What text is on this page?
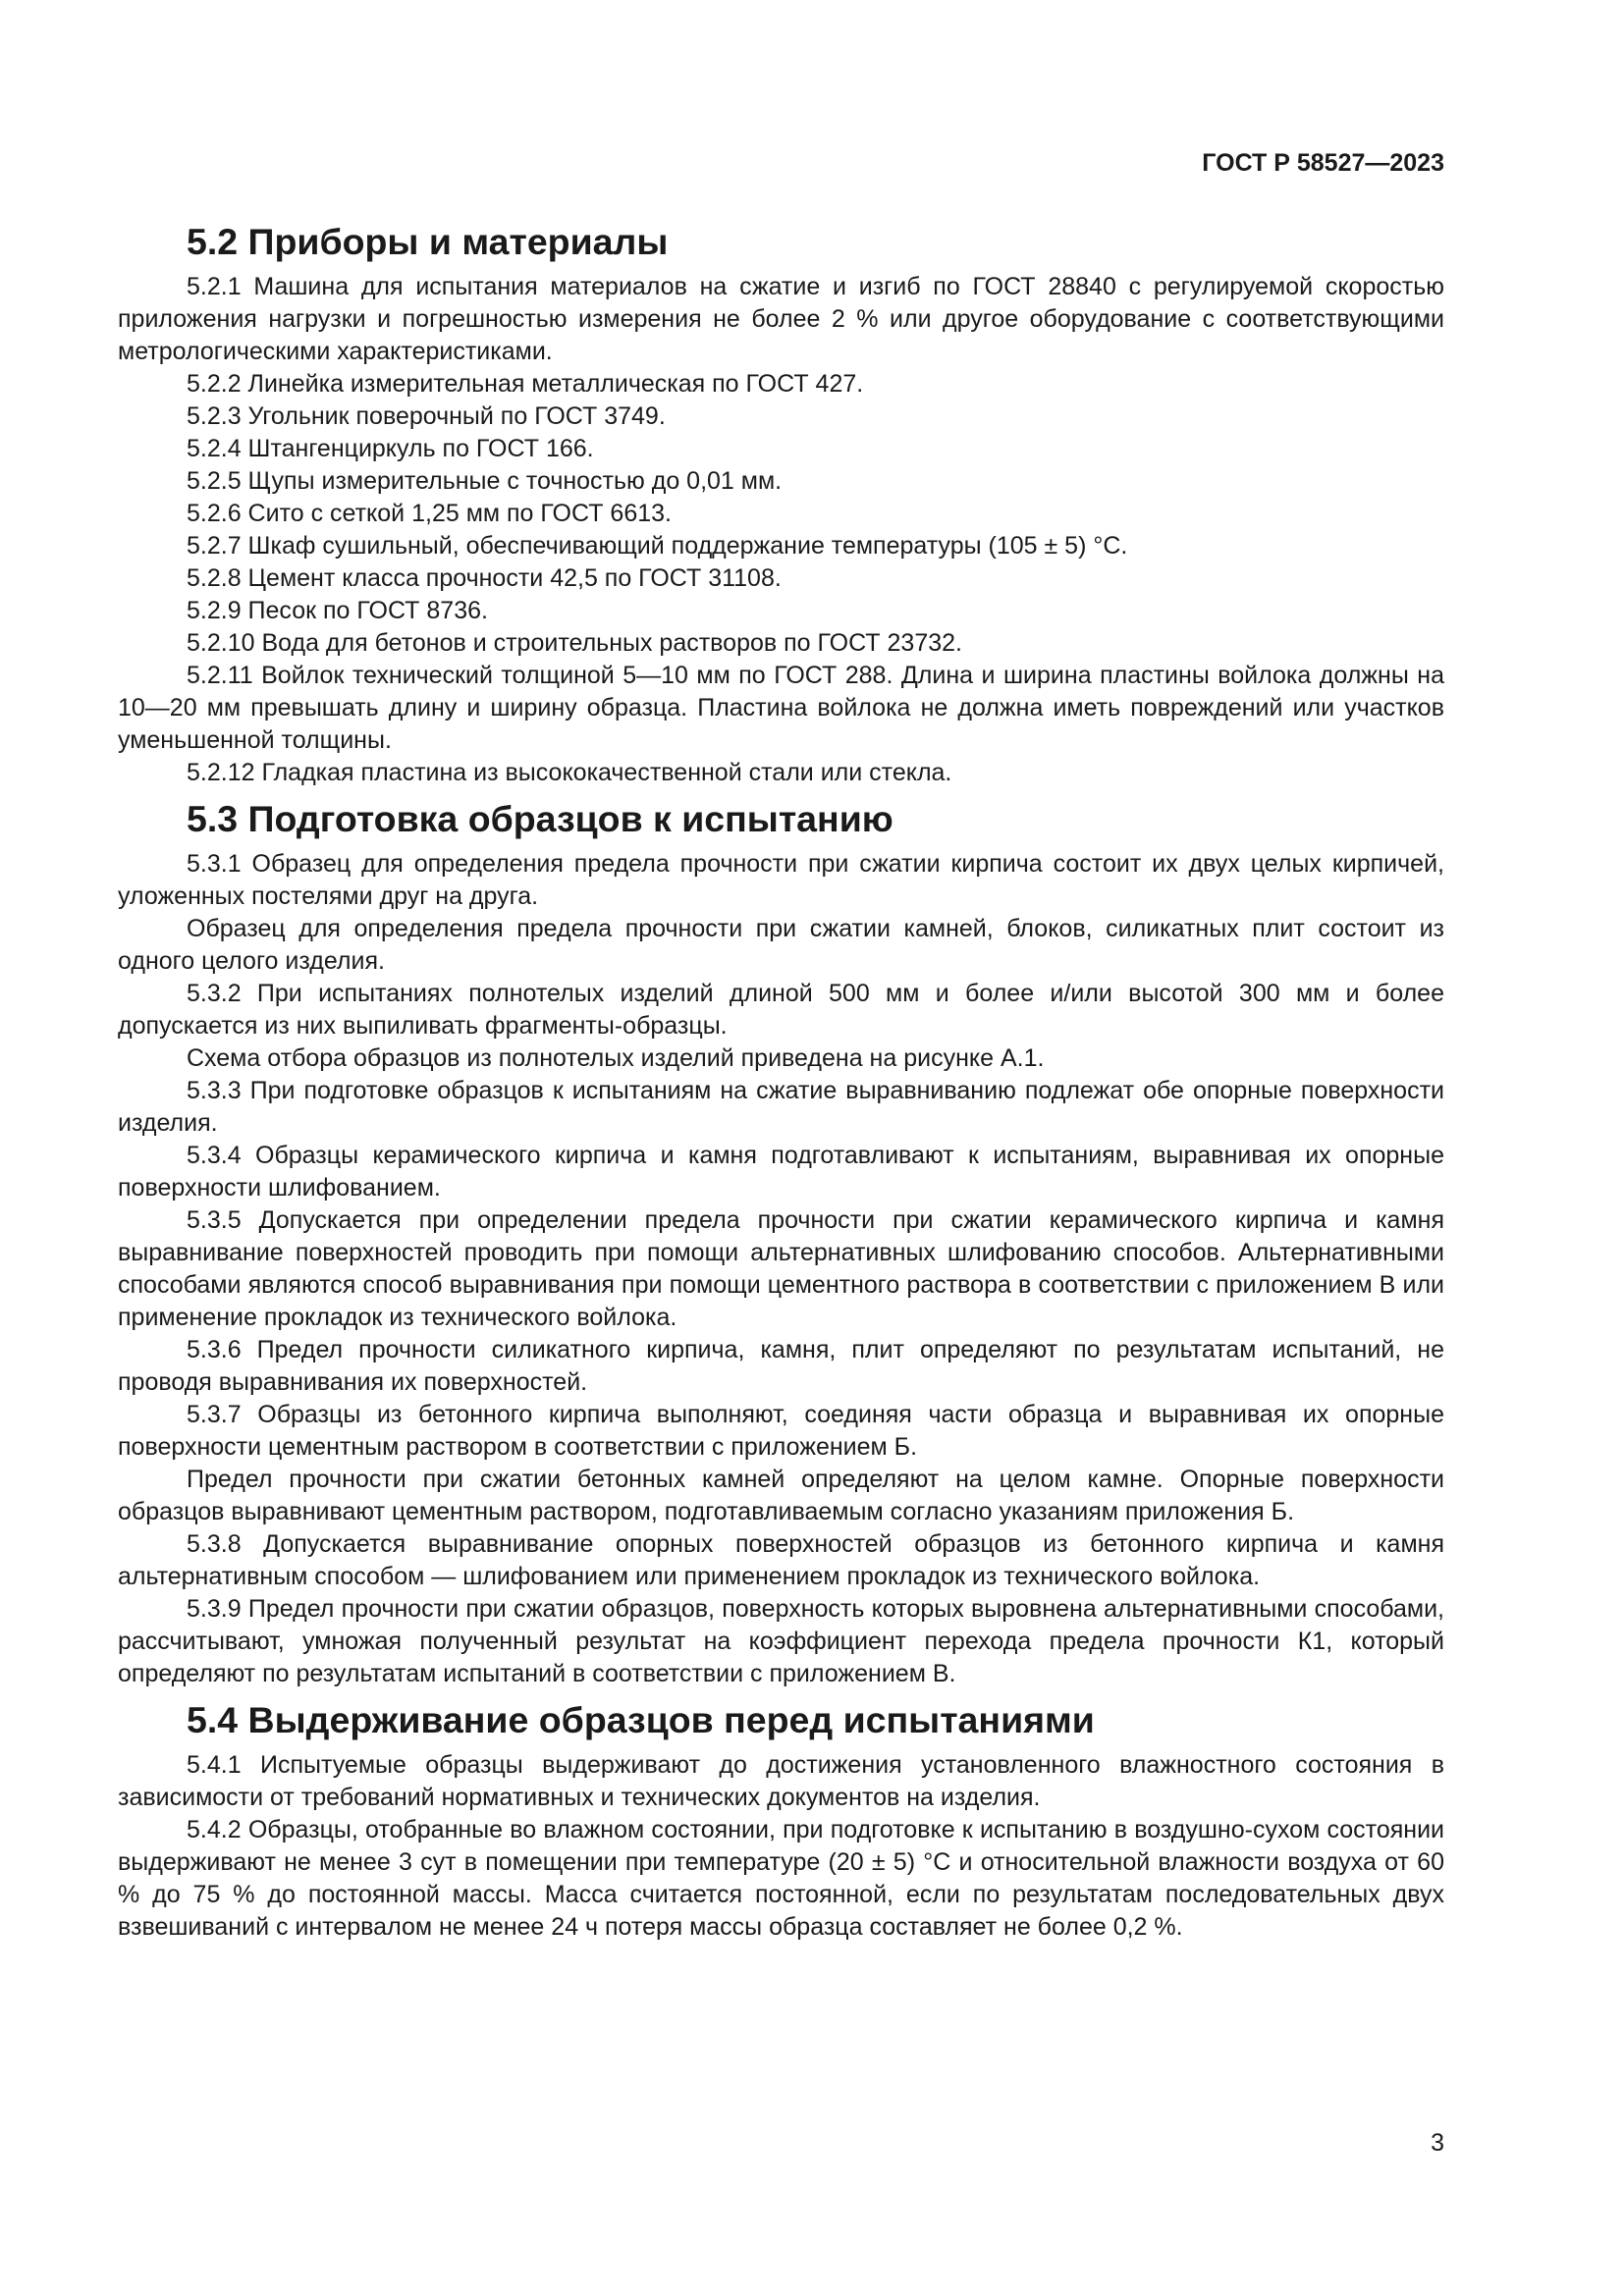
ГОСТ Р 58527—2023
5.2 Приборы и материалы

5.2.1 Машина для испытания материалов на сжатие и изгиб по ГОСТ 28840 с регулируемой скоростью приложения нагрузки и погрешностью измерения не более 2 % или другое оборудование с соответствующими метрологическими характеристиками.

5.2.2 Линейка измерительная металлическая по ГОСТ 427.

5.2.3 Угольник поверочный по ГОСТ 3749.

5.2.4 Штангенциркуль по ГОСТ 166.

5.2.5 Щупы измерительные с точностью до 0,01 мм.

5.2.6 Сито с сеткой 1,25 мм по ГОСТ 6613.

5.2.7 Шкаф сушильный, обеспечивающий поддержание температуры (105 ± 5) °С.

5.2.8 Цемент класса прочности 42,5 по ГОСТ 31108.

5.2.9 Песок по ГОСТ 8736.

5.2.10 Вода для бетонов и строительных растворов по ГОСТ 23732.

5.2.11 Войлок технический толщиной 5—10 мм по ГОСТ 288. Длина и ширина пластины войлока должны на 10—20 мм превышать длину и ширину образца. Пластина войлока не должна иметь повреждений или участков уменьшенной толщины.

5.2.12 Гладкая пластина из высококачественной стали или стекла.

5.3 Подготовка образцов к испытанию

5.3.1 Образец для определения предела прочности при сжатии кирпича состоит их двух целых кирпичей, уложенных постелями друг на друга.

Образец для определения предела прочности при сжатии камней, блоков, силикатных плит состоит из одного целого изделия.

5.3.2 При испытаниях полнотелых изделий длиной 500 мм и более и/или высотой 300 мм и более допускается из них выпиливать фрагменты-образцы.

Схема отбора образцов из полнотелых изделий приведена на рисунке А.1.

5.3.3 При подготовке образцов к испытаниям на сжатие выравниванию подлежат обе опорные поверхности изделия.

5.3.4 Образцы керамического кирпича и камня подготавливают к испытаниям, выравнивая их опорные поверхности шлифованием.

5.3.5 Допускается при определении предела прочности при сжатии керамического кирпича и камня выравнивание поверхностей проводить при помощи альтернативных шлифованию способов. Альтернативными способами являются способ выравнивания при помощи цементного раствора в соответствии с приложением В или применение прокладок из технического войлока.

5.3.6 Предел прочности силикатного кирпича, камня, плит определяют по результатам испытаний, не проводя выравнивания их поверхностей.

5.3.7 Образцы из бетонного кирпича выполняют, соединяя части образца и выравнивая их опорные поверхности цементным раствором в соответствии с приложением Б.

Предел прочности при сжатии бетонных камней определяют на целом камне. Опорные поверхности образцов выравнивают цементным раствором, подготавливаемым согласно указаниям приложения Б.

5.3.8 Допускается выравнивание опорных поверхностей образцов из бетонного кирпича и камня альтернативным способом — шлифованием или применением прокладок из технического войлока.

5.3.9 Предел прочности при сжатии образцов, поверхность которых выровнена альтернативными способами, рассчитывают, умножая полученный результат на коэффициент перехода предела прочности К1, который определяют по результатам испытаний в соответствии с приложением В.

5.4 Выдерживание образцов перед испытаниями

5.4.1 Испытуемые образцы выдерживают до достижения установленного влажностного состояния в зависимости от требований нормативных и технических документов на изделия.

5.4.2 Образцы, отобранные во влажном состоянии, при подготовке к испытанию в воздушно-сухом состоянии выдерживают не менее 3 сут в помещении при температуре (20 ± 5) °С и относительной влажности воздуха от 60 % до 75 % до постоянной массы. Масса считается постоянной, если по результатам последовательных двух взвешиваний с интервалом не менее 24 ч потеря массы образца составляет не более 0,2 %.

3
